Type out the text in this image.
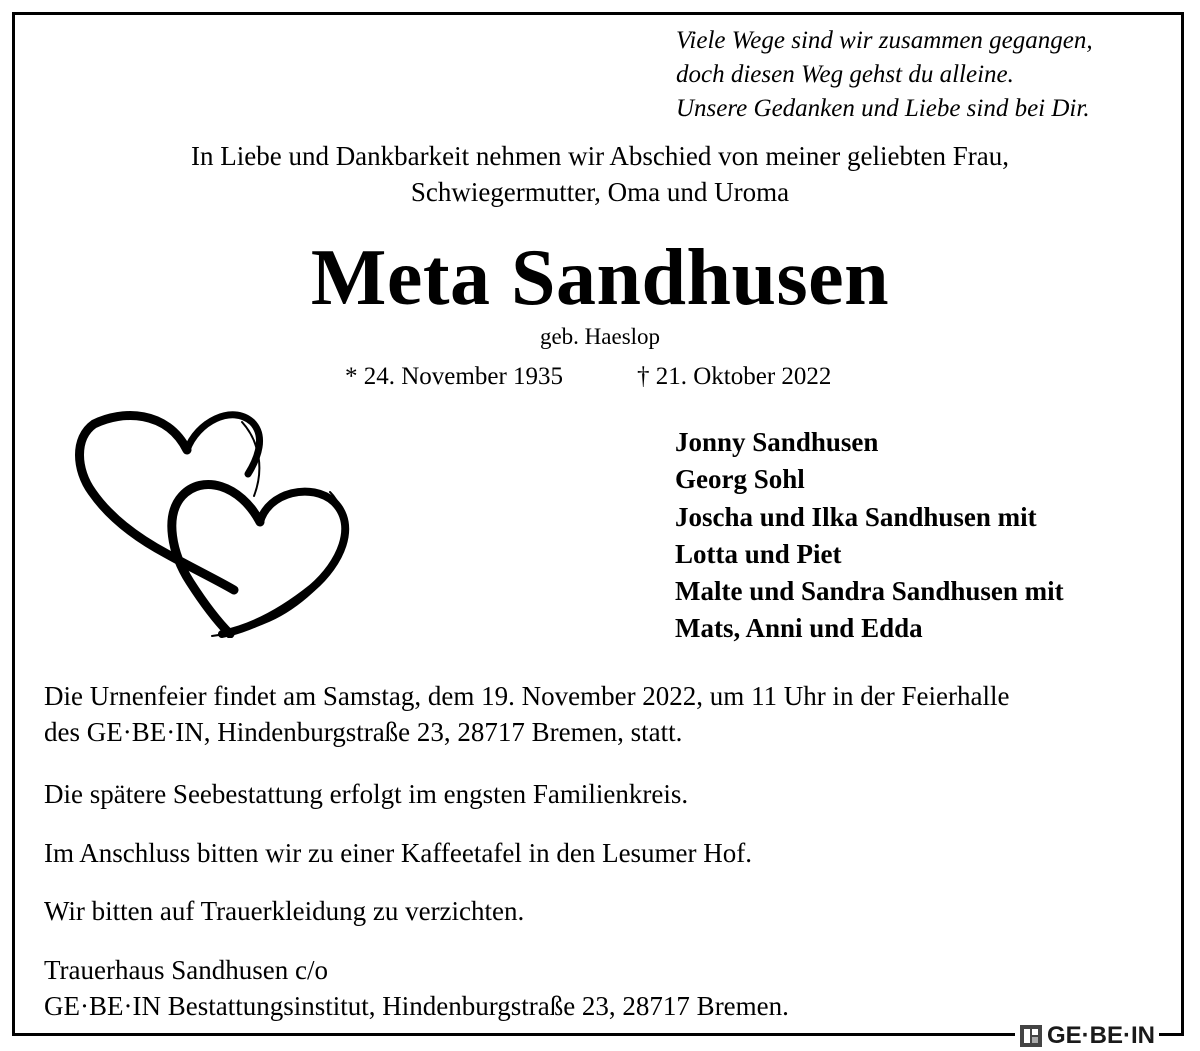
Viele Wege sind wir zusammen gegangen,
doch diesen Weg gehst du alleine.
Unsere Gedanken und Liebe sind bei Dir.
In Liebe und Dankbarkeit nehmen wir Abschied von meiner geliebten Frau,
Schwiegermutter, Oma und Uroma
Meta Sandhusen
geb. Haeslop
* 24. November 1935	† 21. Oktober 2022
Jonny Sandhusen
Georg Sohl
Joscha und Ilka Sandhusen mit
Lotta und Piet
Malte und Sandra Sandhusen mit
Mats, Anni und Edda
Die Urnenfeier findet am Samstag, dem 19. November 2022, um 11 Uhr in der Feierhalle
des GE·BE·IN, Hindenburgstraße 23, 28717 Bremen, statt.
Die spätere Seebestattung erfolgt im engsten Familienkreis.
Im Anschluss bitten wir zu einer Kaffeetafel in den Lesumer Hof.
Wir bitten auf Trauerkleidung zu verzichten.
Trauerhaus Sandhusen c/o
GE·BE·IN Bestattungsinstitut, Hindenburgstraße 23, 28717 Bremen.
GE·BE·IN
